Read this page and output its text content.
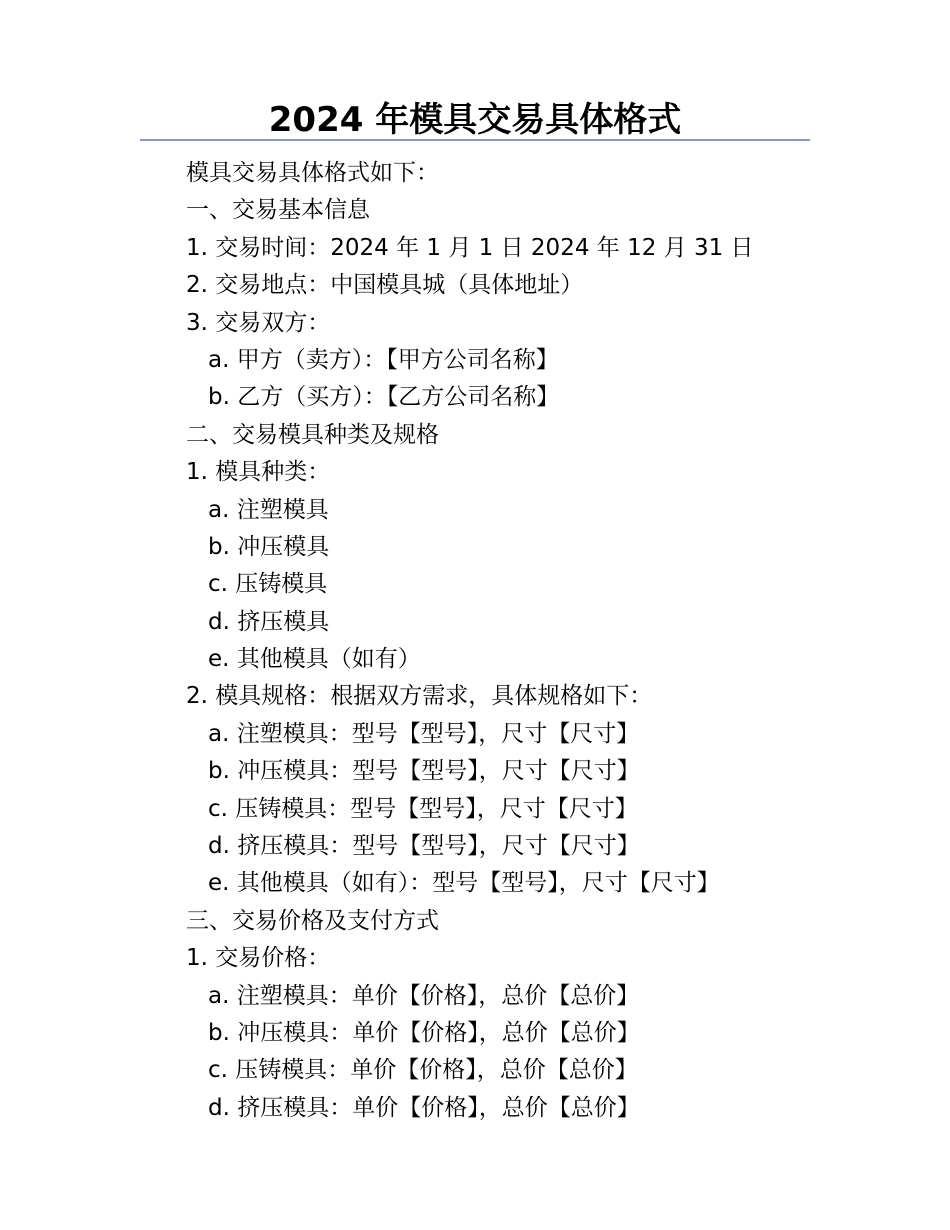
2024 年模具交易具体格式
模具交易具体格式如下：
一、交易基本信息
1. 交易时间：2024 年 1 月 1 日 2024 年 12 月 31 日
2. 交易地点：中国模具城（具体地址）
3. 交易双方：
a. 甲方（卖方）：【甲方公司名称】
b. 乙方（买方）：【乙方公司名称】
二、交易模具种类及规格
1. 模具种类：
a. 注塑模具
b. 冲压模具
c. 压铸模具
d. 挤压模具
e. 其他模具（如有）
2. 模具规格：根据双方需求，具体规格如下：
a. 注塑模具：型号【型号】，尺寸【尺寸】
b. 冲压模具：型号【型号】，尺寸【尺寸】
c. 压铸模具：型号【型号】，尺寸【尺寸】
d. 挤压模具：型号【型号】，尺寸【尺寸】
e. 其他模具（如有）：型号【型号】，尺寸【尺寸】
三、交易价格及支付方式
1. 交易价格：
a. 注塑模具：单价【价格】，总价【总价】
b. 冲压模具：单价【价格】，总价【总价】
c. 压铸模具：单价【价格】，总价【总价】
d. 挤压模具：单价【价格】，总价【总价】
